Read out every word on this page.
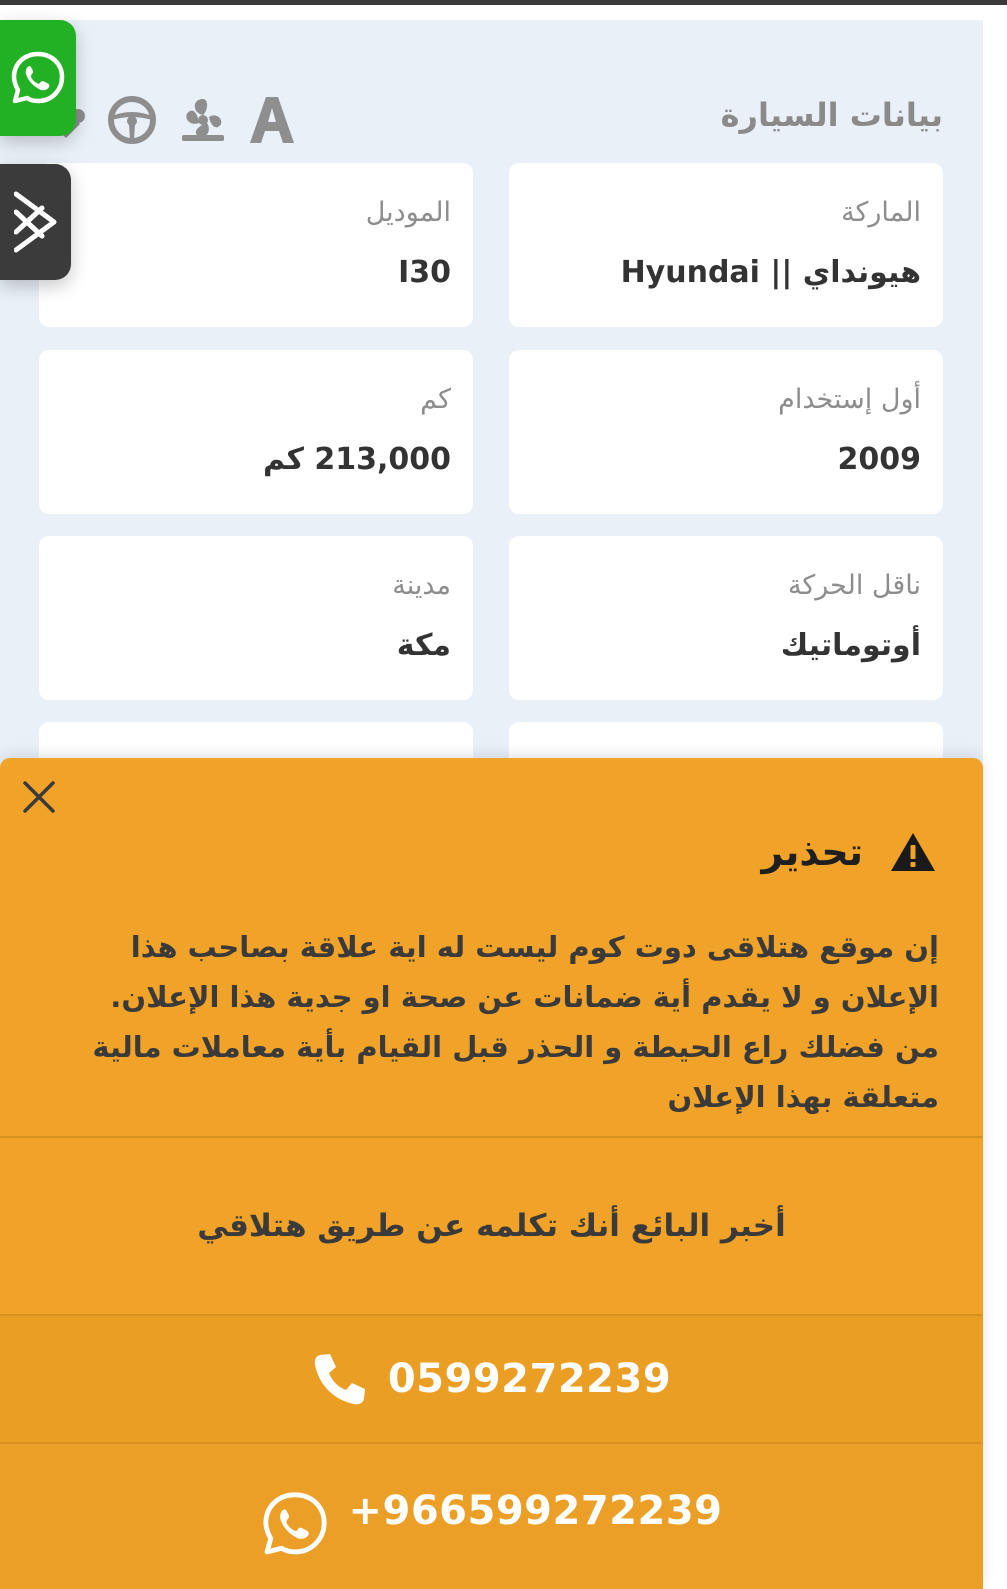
بيانات السيارة
الماركة
هيونداي || Hyundai
الموديل
I30
أول إستخدام
2009
كم
213,000 كم
ناقل الحركة
أوتوماتيك
مدينة
مكة
تحذير

إن موقع هتلاقى دوت كوم ليست له اية علاقة بصاحب هذا الإعلان و لا يقدم أية ضمانات عن صحة او جدية هذا الإعلان. من فضلك راع الحيطة و الحذر قبل القيام بأية معاملات مالية متعلقة بهذا الإعلان

أخبر البائع أنك تكلمه عن طريق هتلاقي
0599272239
+966599272239
